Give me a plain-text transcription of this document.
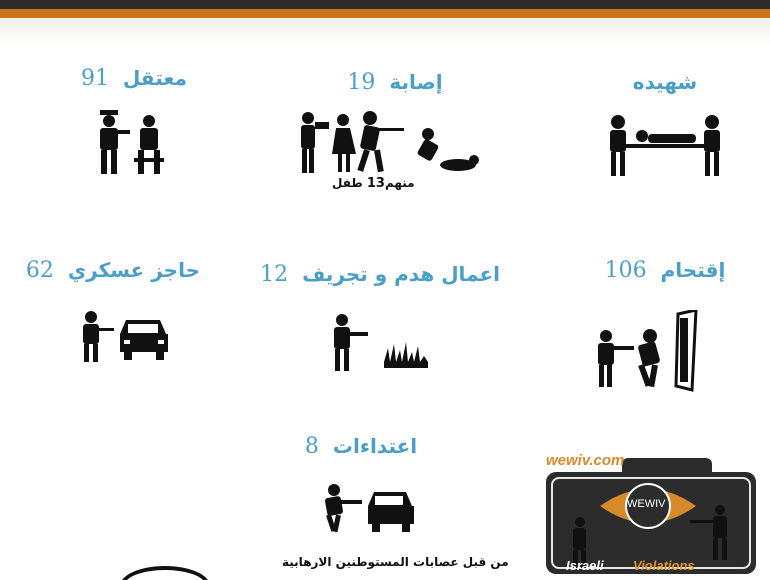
شهيده
إصابة19
منهم13 طفل
معتقل91
إقتحام106
اعمال هدم و تجريف12
حاجز عسكري62
اعتداءات8
من قبل عصابات المستوطنين الارهابية
wewiv.com
WEWIV
Israeli Violations
